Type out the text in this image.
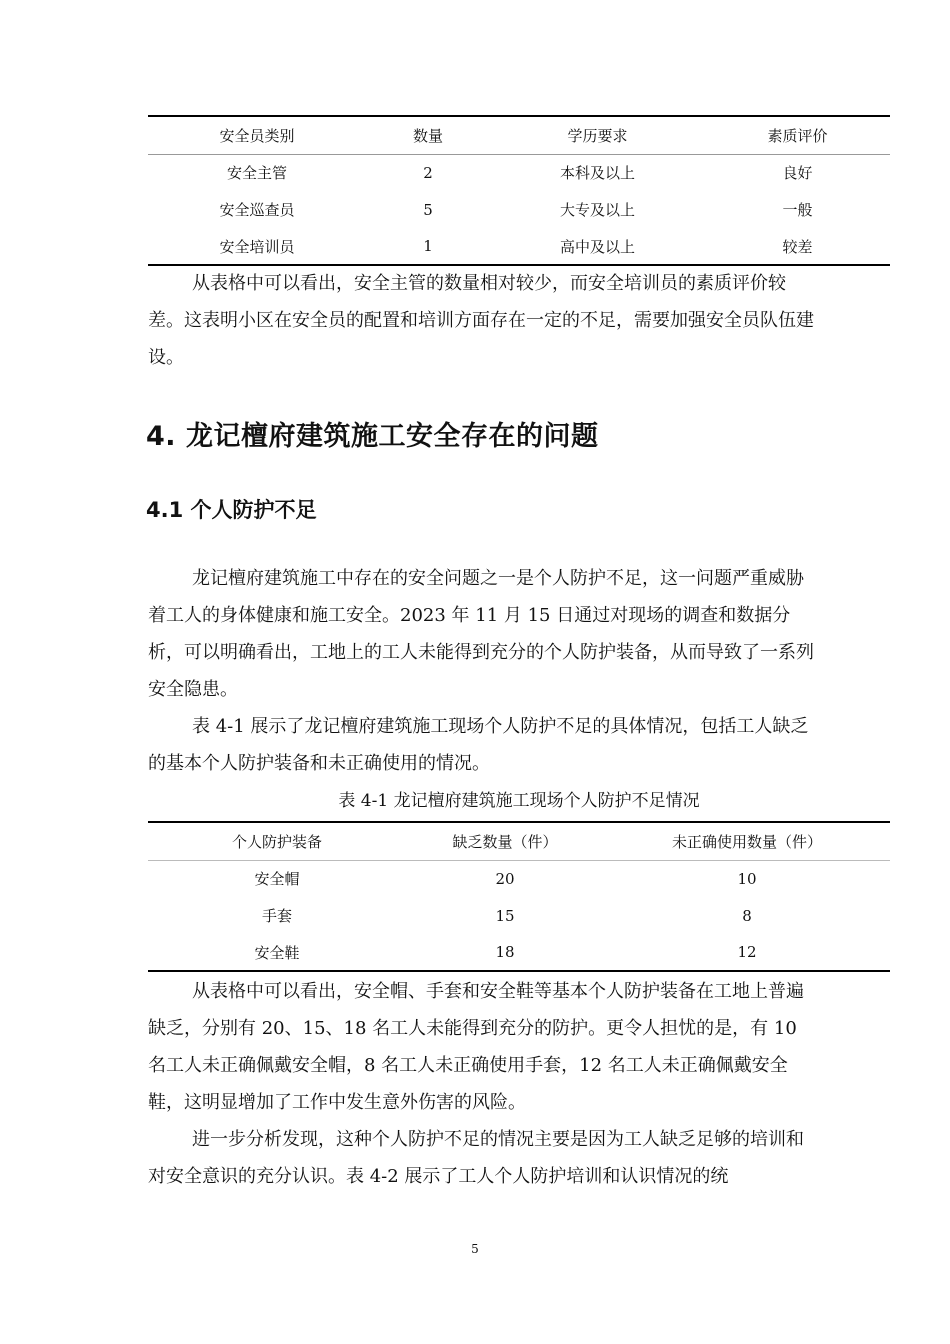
安全员类别	数量	学历要求	素质评价
安全主管	2	本科及以上	良好
安全巡查员	5	大专及以上	一般
安全培训员	1	高中及以上	较差

从表格中可以看出，安全主管的数量相对较少，而安全培训员的素质评价较差。这表明小区在安全员的配置和培训方面存在一定的不足，需要加强安全员队伍建设。

4. 龙记檀府建筑施工安全存在的问题
4.1 个人防护不足

龙记檀府建筑施工中存在的安全问题之一是个人防护不足，这一问题严重威胁着工人的身体健康和施工安全。2023 年 11 月 15 日通过对现场的调查和数据分析，可以明确看出，工地上的工人未能得到充分的个人防护装备，从而导致了一系列安全隐患。

表 4-1 展示了龙记檀府建筑施工现场个人防护不足的具体情况，包括工人缺乏的基本个人防护装备和未正确使用的情况。

表 4-1 龙记檀府建筑施工现场个人防护不足情况

个人防护装备	缺乏数量（件）	未正确使用数量（件）
安全帽	20	10
手套	15	8
安全鞋	18	12

从表格中可以看出，安全帽、手套和安全鞋等基本个人防护装备在工地上普遍缺乏，分别有 20、15、18 名工人未能得到充分的防护。更令人担忧的是，有 10 名工人未正确佩戴安全帽，8 名工人未正确使用手套，12 名工人未正确佩戴安全鞋，这明显增加了工作中发生意外伤害的风险。

进一步分析发现，这种个人防护不足的情况主要是因为工人缺乏足够的培训和对安全意识的充分认识。表 4-2 展示了工人个人防护培训和认识情况的统

5
